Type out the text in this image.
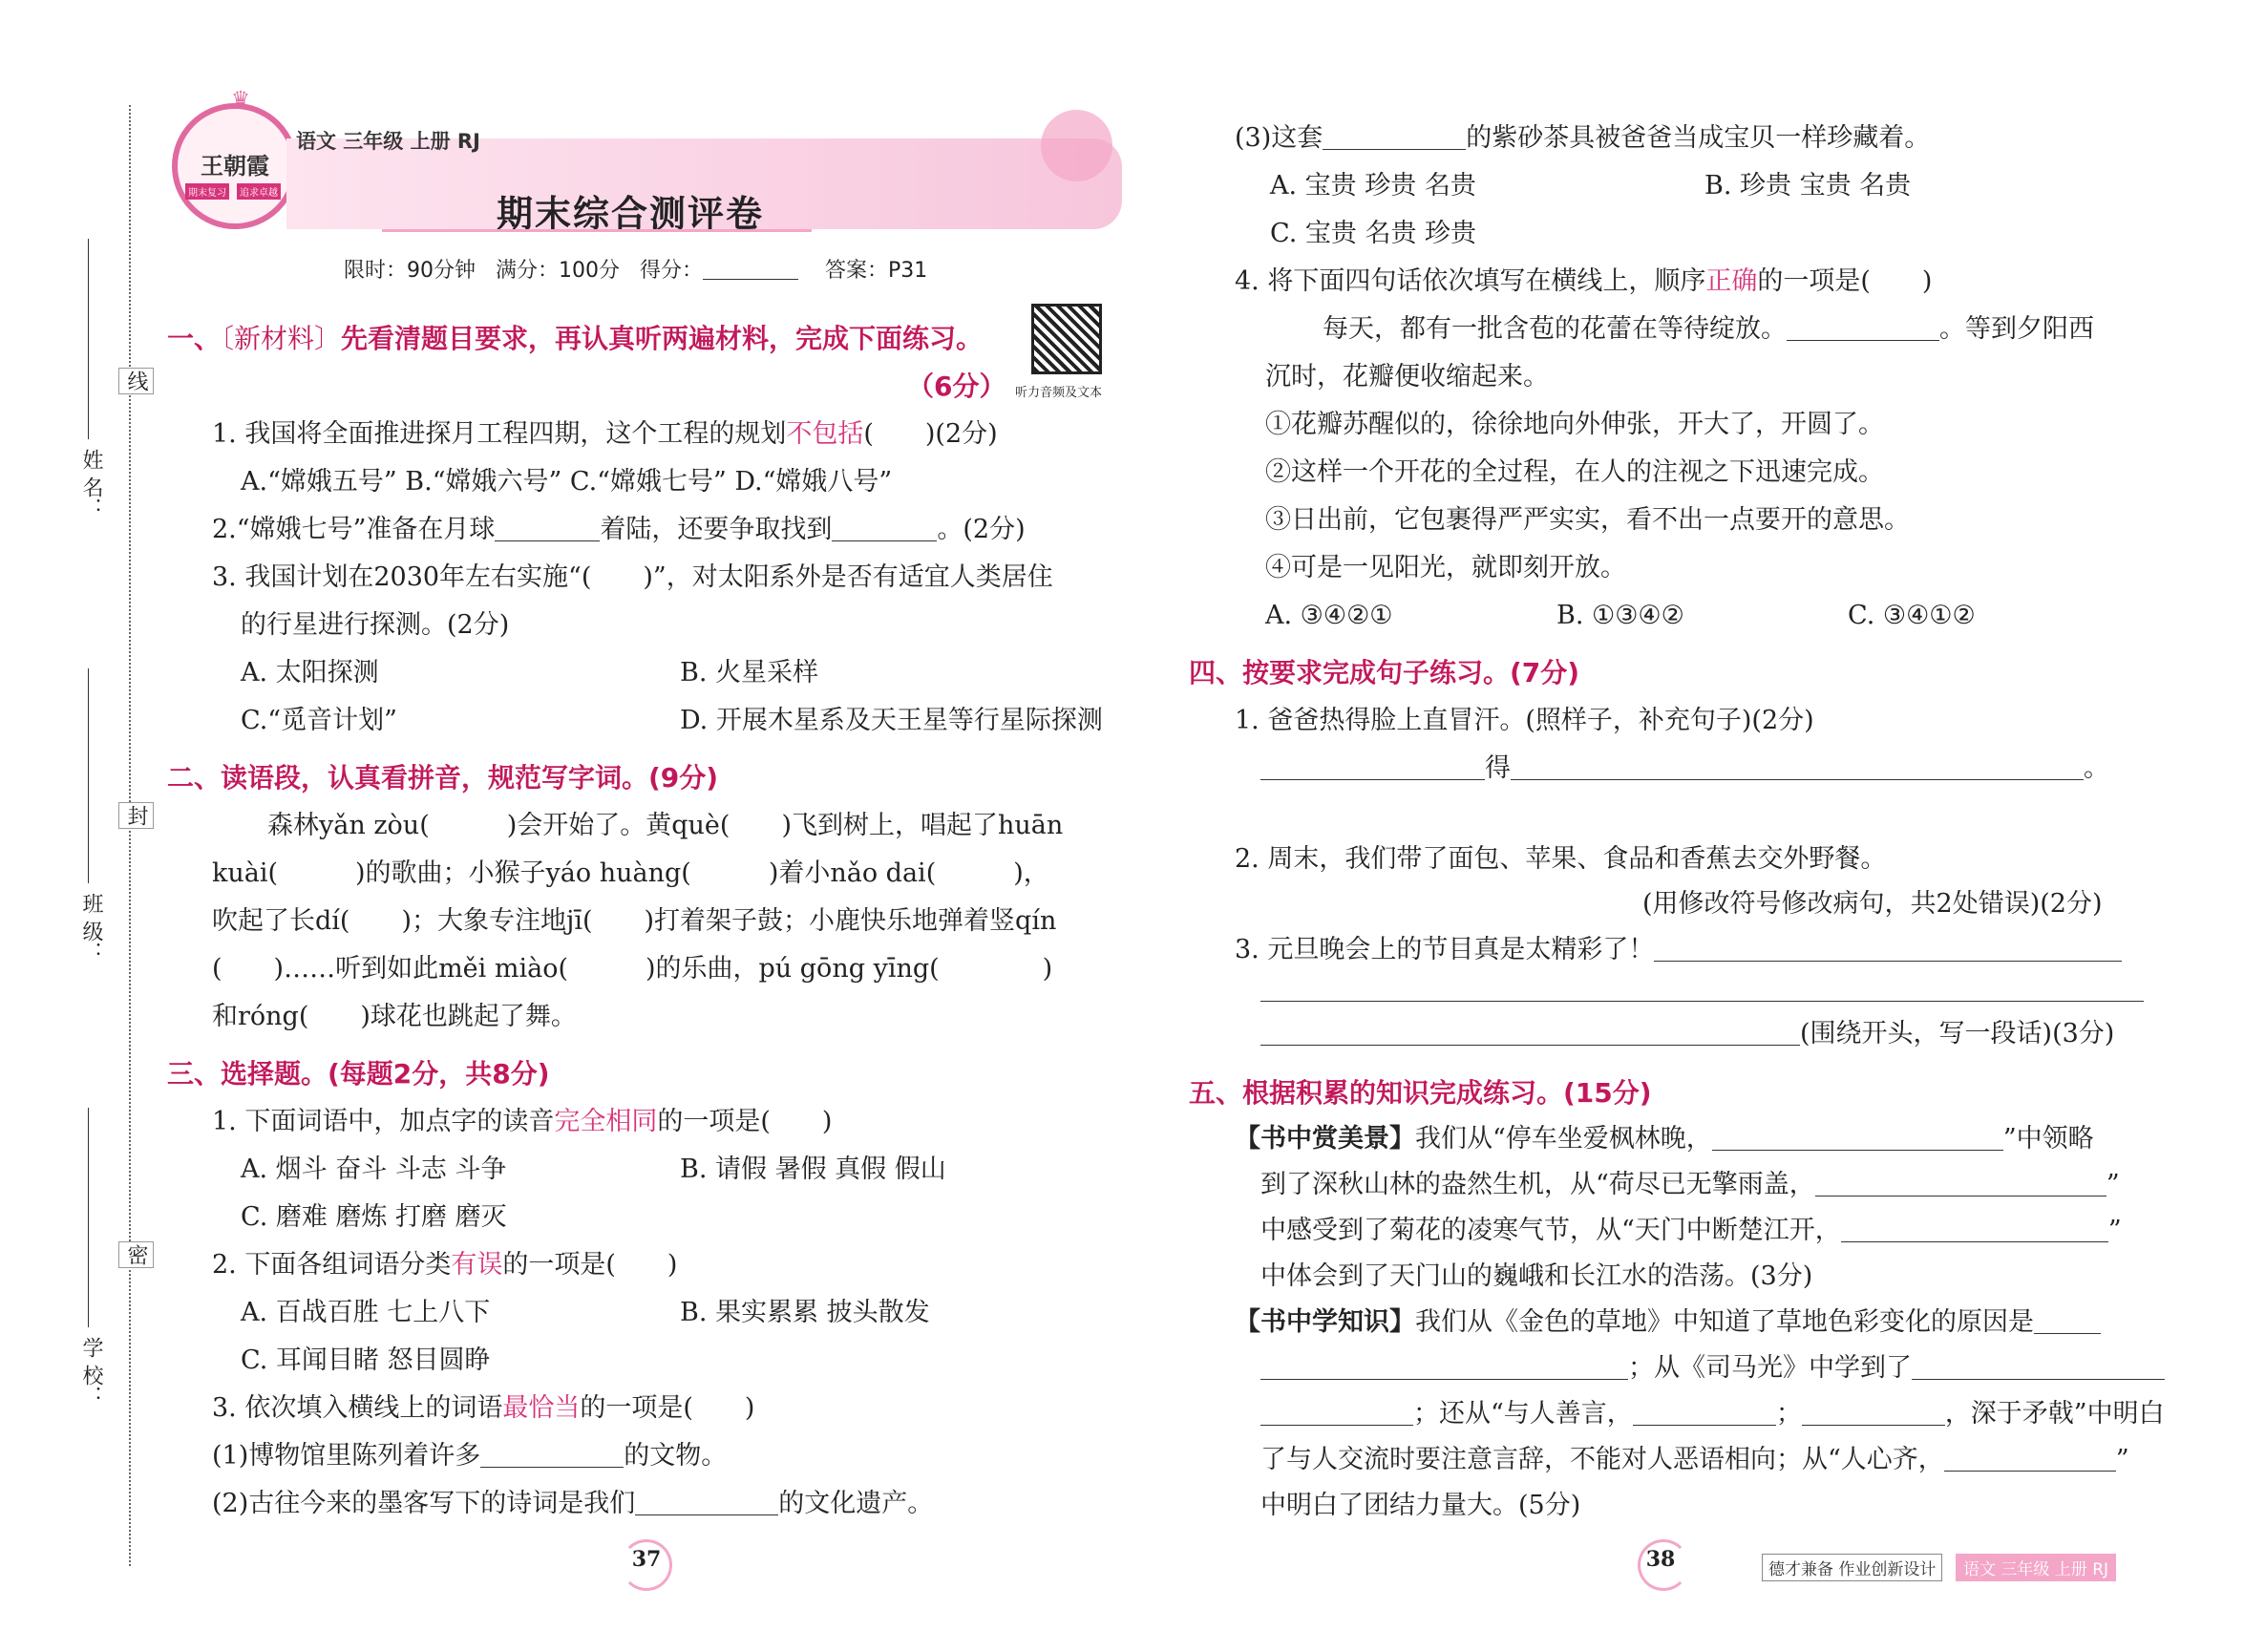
线
封
密
姓 名：
班 级：
学 校：
♛
王朝霞
期末复习	追求卓越
语文 三年级 上册 RJ
期末综合测评卷
限时：90分钟 满分：100分 得分：	答案：P31
听力音频及文本
一、〔新材料〕先看清题目要求，再认真听两遍材料，完成下面练习。
（6分）
1. 我国将全面推进探月工程四期，这个工程的规划不包括(　　)(2分)
A.“嫦娥五号” B.“嫦娥六号” C.“嫦娥七号” D.“嫦娥八号”
2.“嫦娥七号”准备在月球	着陆，还要争取找到	。(2分)
3. 我国计划在2030年左右实施“(　　)”，对太阳系外是否有适宜人类居住
的行星进行探测。(2分)
A. 太阳探测	B. 火星采样
C.“觅音计划”	D. 开展木星系及天王星等行星际探测
二、读语段，认真看拼音，规范写字词。(9分)
森林yǎn zòu(　　　)会开始了。黄què(　　)飞到树上，唱起了huān
kuài(　　　)的歌曲；小猴子yáo huàng(　　　)着小nǎo dai(　　　)，
吹起了长dí(　　)；大象专注地jī(　　)打着架子鼓；小鹿快乐地弹着竖qín
(　　)……听到如此měi miào(　　　)的乐曲，pú gōng yīng(　　　　)
和róng(　　)球花也跳起了舞。
三、选择题。(每题2分，共8分)
1. 下面词语中，加点字的读音完全相同的一项是(　　)
A. 烟斗 奋斗 斗志 斗争	B. 请假 暑假 真假 假山
C. 磨难 磨炼 打磨 磨灭
2. 下面各组词语分类有误的一项是(　　)
A. 百战百胜 七上八下	B. 果实累累 披头散发
C. 耳闻目睹 怒目圆睁
3. 依次填入横线上的词语最恰当的一项是(　　)
(1)博物馆里陈列着许多	的文物。
(2)古往今来的墨客写下的诗词是我们	的文化遗产。
37
(3)这套	的紫砂茶具被爸爸当成宝贝一样珍藏着。
A. 宝贵 珍贵 名贵	B. 珍贵 宝贵 名贵
C. 宝贵 名贵 珍贵
4. 将下面四句话依次填写在横线上，顺序正确的一项是(　　)
每天，都有一批含苞的花蕾在等待绽放。	。等到夕阳西
沉时，花瓣便收缩起来。
①花瓣苏醒似的，徐徐地向外伸张，开大了，开圆了。
②这样一个开花的全过程，在人的注视之下迅速完成。
③日出前，它包裹得严严实实，看不出一点要开的意思。
④可是一见阳光，就即刻开放。
A. ③④②①	B. ①③④②	C. ③④①②
四、按要求完成句子练习。(7分)
1. 爸爸热得脸上直冒汗。(照样子，补充句子)(2分)
得	。
2. 周末，我们带了面包、苹果、食品和香蕉去交外野餐。
(用修改符号修改病句，共2处错误)(2分)
3. 元旦晚会上的节目真是太精彩了！
(围绕开头，写一段话)(3分)
五、根据积累的知识完成练习。(15分)
【书中赏美景】我们从“停车坐爱枫林晚，	”中领略
到了深秋山林的盎然生机，从“荷尽已无擎雨盖，	”
中感受到了菊花的凌寒气节，从“天门中断楚江开，	”
中体会到了天门山的巍峨和长江水的浩荡。(3分)
【书中学知识】我们从《金色的草地》中知道了草地色彩变化的原因是
；从《司马光》中学到了
；还从“与人善言，	；	，深于矛戟”中明白
了与人交流时要注意言辞，不能对人恶语相向；从“人心齐，	”
中明白了团结力量大。(5分)
38	德才兼备 作业创新设计	语文 三年级 上册 RJ
